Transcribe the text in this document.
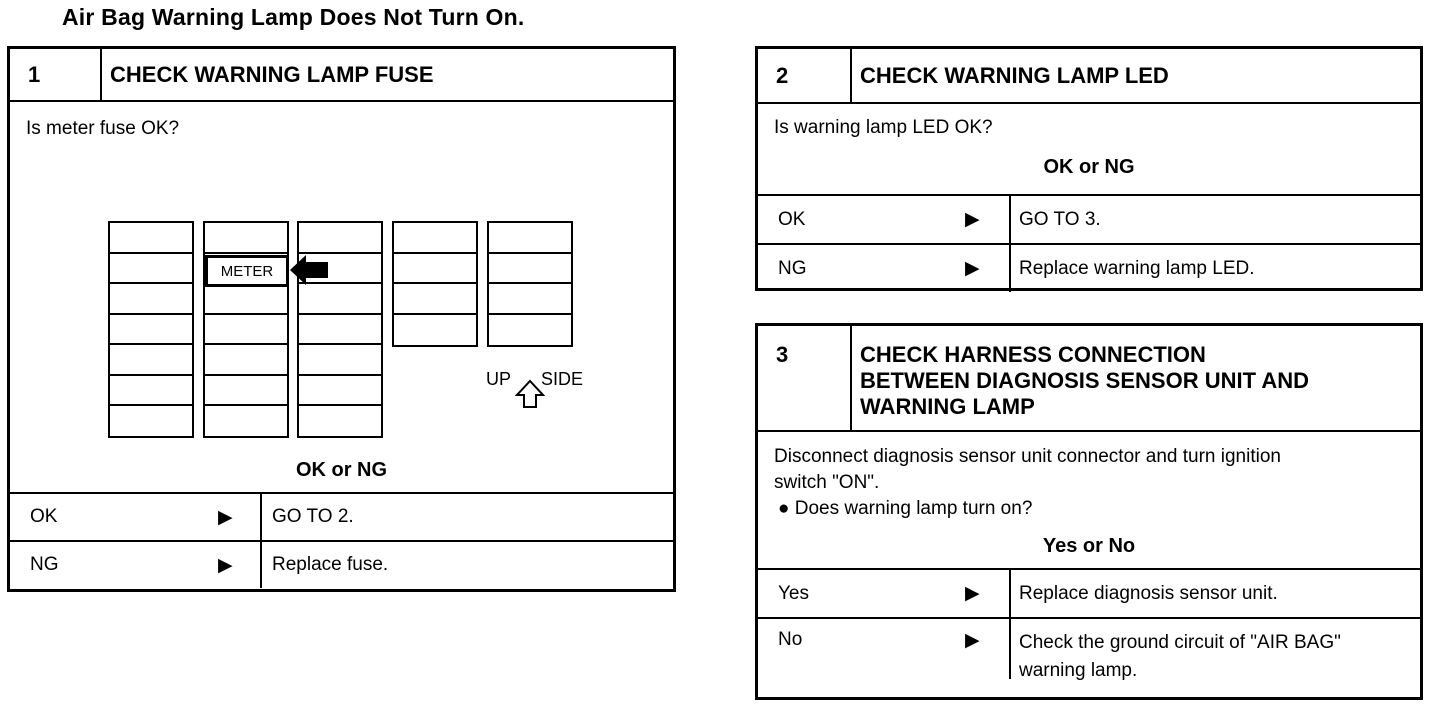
Air Bag Warning Lamp Does Not Turn On.
1	CHECK WARNING LAMP FUSE
Is meter fuse OK?
METER
UP SIDE
OK or NG
OK	▶	GO TO 2.
NG	▶	Replace fuse.
2	CHECK WARNING LAMP LED
Is warning lamp LED OK?
OK or NG
OK	▶	GO TO 3.
NG	▶	Replace warning lamp LED.
3	CHECK HARNESS CONNECTION
BETWEEN DIAGNOSIS SENSOR UNIT AND
WARNING LAMP
Disconnect diagnosis sensor unit connector and turn ignition
switch "ON".
● Does warning lamp turn on?
Yes or No
Yes	▶	Replace diagnosis sensor unit.
No	▶ Check the ground circuit of "AIR BAG"
warning lamp.
